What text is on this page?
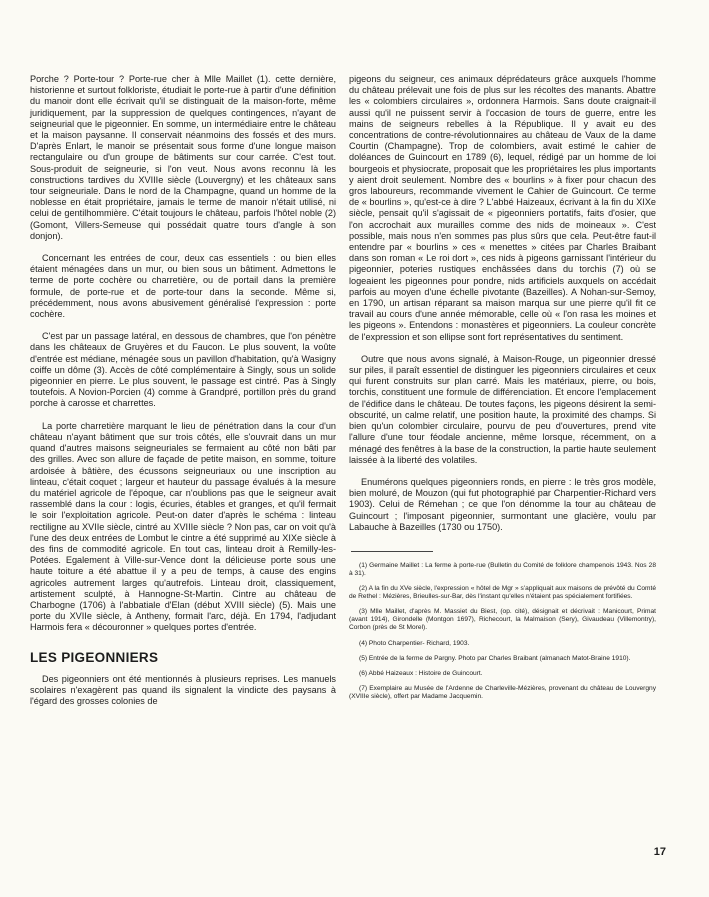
Porche ? Porte-tour ? Porte-rue cher à Mlle Maillet (1). cette dernière, historienne et surtout folkloriste, étudiait le porte-rue à partir d'une définition du manoir dont elle écrivait qu'il se distinguait de la maison-forte, même juridiquement, par la suppression de quelques contingences, n'ayant de seigneurial que le pigeonnier. En somme, un intermédiaire entre le château et la maison paysanne. Il conservait néanmoins des fossés et des murs. D'après Enlart, le manoir se présentait sous forme d'une longue maison rectangulaire ou d'un groupe de bâtiments sur cour carrée. C'est tout. Sous-produit de seigneurie, si l'on veut. Nous avons reconnu là les constructions tardives du XVIIIe siècle (Louvergny) et les châteaux sans tour seigneuriale. Dans le nord de la Champagne, quand un homme de la noblesse en était propriétaire, jamais le terme de manoir n'était utilisé, ni celui de gentilhommière. C'était toujours le château, parfois l'hôtel noble (2) (Gomont, Villers-Semeuse qui possédait quatre tours d'angle à son donjon).

Concernant les entrées de cour, deux cas essentiels : ou bien elles étaient ménagées dans un mur, ou bien sous un bâtiment. Admettons le terme de porte cochère ou charretière, ou de portail dans la première formule, de porte-rue et de porte-tour dans la seconde. Même si, précédemment, nous avons abusivement généralisé l'expression : porte cochère.

C'est par un passage latéral, en dessous de chambres, que l'on pénètre dans les châteaux de Gruyères et du Faucon. Le plus souvent, la voûte d'entrée est médiane, ménagée sous un pavillon d'habitation, qu'à Wasigny coiffe un dôme (3). Accès de côté complémentaire à Singly, sous un solide pigeonnier en pierre. Le plus souvent, le passage est cintré. Pas à Singly toutefois. A Novion-Porcien (4) comme à Grandpré, portillon près du grand porche à carosse et charrettes.

La porte charretière marquant le lieu de pénétration dans la cour d'un château n'ayant bâtiment que sur trois côtés, elle s'ouvrait dans un mur quand d'autres maisons seigneuriales se fermaient au côté non bâti par des grilles. Avec son allure de façade de petite maison, en somme, toiture ardoisée à bâtière, des écussons seigneuriaux ou une inscription au linteau, c'était coquet ; largeur et hauteur du passage évalués à la mesure du matériel agricole de l'époque, car n'oublions pas que le seigneur avait rassemblé dans la cour : logis, écuries, étables et granges, et qu'il fermait le soir l'exploitation agricole. Peut-on dater d'après le schéma : linteau rectiligne au XVIIe siècle, cintré au XVIIIe siècle ? Non pas, car on voit qu'à l'une des deux entrées de Lombut le cintre a été supprimé au XIXe siècle à des fins de commodité agricole. En tout cas, linteau droit à Remilly-les-Potées. Egalement à Ville-sur-Vence dont la délicieuse porte sous une haute toiture a été abattue il y a peu de temps, à cause des engins agricoles autrement larges qu'autrefois. Linteau droit, classiquement, artistement sculpté, à Hannogne-St-Martin. Cintre au château de Charbogne (1706) à l'abbatiale d'Elan (début XVIII siècle) (5). Mais une porte du XVIIe siècle, à Antheny, formait l'arc, déjà. En 1794, l'adjudant Harmois fera « découronner » quelques portes d'entrée.

LES PIGEONNIERS

Des pigeonniers ont été mentionnés à plusieurs reprises. Les manuels scolaires n'exagèrent pas quand ils signalent la vindicte des paysans à l'égard des grosses colonies de

pigeons du seigneur, ces animaux déprédateurs grâce auxquels l'homme du château prélevait une fois de plus sur les récoltes des manants. Abattre les « colombiers circulaires », ordonnera Harmois. Sans doute craignait-il aussi qu'il ne puissent servir à l'occasion de tours de guerre, entre les mains de seigneurs rebelles à la République. Il y avait eu des concentrations de contre-révolutionnaires au château de Vaux de la dame Courtin (Champagne). Trop de colombiers, avait estimé le cahier de doléances de Guincourt en 1789 (6), lequel, rédigé par un homme de loi bourgeois et physiocrate, proposait que les propriétaires les plus importants y aient droit seulement. Nombre des « bourlins » à fixer pour chacun des gros laboureurs, recommande vivement le Cahier de Guincourt. Ce terme de « bourlins », qu'est-ce à dire ? L'abbé Haizeaux, écrivant à la fin du XIXe siècle, pensait qu'il s'agissait de « pigeonniers portatifs, faits d'osier, que l'on accrochait aux murailles comme des nids de moineaux ». C'est possible, mais nous n'en sommes pas plus sûrs que cela. Peut-être faut-il entendre par « bourlins » ces « menettes » citées par Charles Braibant dans son roman « Le roi dort », ces nids à pigeons garnissant l'intérieur du pigeonnier, poteries rustiques enchâssées dans du torchis (7) où se logeaient les pigeonnes pour pondre, nids artificiels auxquels on accédait parfois au moyen d'une échelle pivotante (Bazeilles). A Nohan-sur-Semoy, en 1790, un artisan réparant sa maison marqua sur une pierre qu'il fit ce travail au cours d'une année mémorable, celle où « l'on rasa les moines et les pigeons ». Entendons : monastères et pigeonniers. La couleur concrète de l'expression et son ellipse sont fort représentatives du sentiment.

Outre que nous avons signalé, à Maison-Rouge, un pigeonnier dressé sur piles, il paraît essentiel de distinguer les pigeonniers circulaires et ceux qui furent construits sur plan carré. Mais les matériaux, pierre, ou bois, torchis, constituent une formule de différenciation. Et encore l'emplacement de l'édifice dans le château. De toutes façons, les pigeons désirent la semi-obscurité, un calme relatif, une position haute, la proximité des champs. Si bien qu'un colombier circulaire, pourvu de peu d'ouvertures, prend vite l'allure d'une tour féodale ancienne, même lorsque, récemment, on a ménagé des fenêtres à la base de la construction, la partie haute seulement laissée à la liberté des volatiles.

Enumérons quelques pigeonniers ronds, en pierre : le très gros modèle, bien moluré, de Mouzon (qui fut photographié par Charpentier-Richard vers 1903). Celui de Rémehan ; ce que l'on dénomme la tour au château de Guincourt ; l'imposant pigeonnier, surmontant une glacière, voulu par Labauche à Bazeilles (1730 ou 1750).

(1) Germaine Maillet : La ferme à porte-rue (Bulletin du Comité de folklore champenois 1943. Nos 28 à 31).

(2) A la fin du XVe siècle, l'expression « hôtel de Mgr » s'appliquait aux maisons de prévôté du Comté de Rethel : Mézières, Brieulles-sur-Bar, dès l'instant qu'elles n'étaient pas spécialement fortifiées.

(3) Mlle Maillet, d'après M. Massiet du Biest, (op. cité), désignait et décrivait : Manicourt, Primat (avant 1914), Girondelle (Montgon 1697), Richecourt, la Malmaison (Sery), Givaudeau (Villemontry), Corbon (près de St Morel).

(4) Photo Charpentier- Richard, 1903.

(5) Entrée de la ferme de Pargny. Photo par Charles Braibant (almanach Matot-Braine 1910).

(6) Abbé Haizeaux : Histoire de Guincourt.

(7) Exemplaire au Musée de l'Ardenne de Charleville-Mézières, provenant du château de Louvergny (XVIIIe siècle), offert par Madame Jacquemin.

17
